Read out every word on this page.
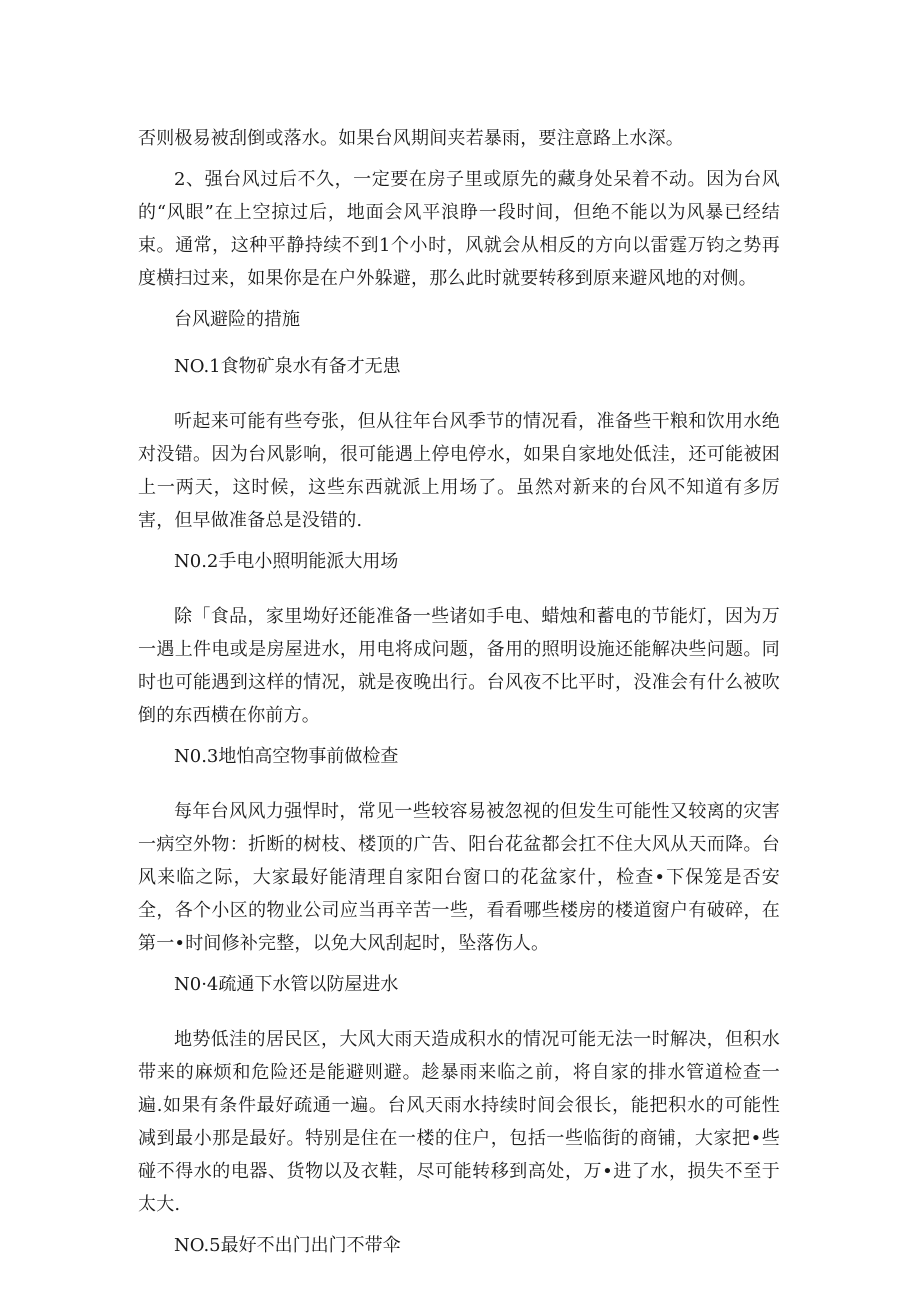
否则极易被刮倒或落水。如果台风期间夹若暴雨，要注意路上水深。

2、强台风过后不久，一定要在房子里或原先的藏身处呆着不动。因为台风的“风眼”在上空掠过后，地面会风平浪睁一段时间，但绝不能以为风暴已经结束。通常，这种平静持续不到1个小时，风就会从相反的方向以雷霆万钧之势再度横扫过来，如果你是在户外躲避，那么此时就要转移到原来避风地的对侧。

台风避险的措施

NO.1食物矿泉水有备才无患

听起来可能有些夸张，但从往年台风季节的情况看，准备些干粮和饮用水绝对没错。因为台风影响，很可能遇上停电停水，如果自家地处低洼，还可能被困上一两天，这时候，这些东西就派上用场了。虽然对新来的台风不知道有多厉害，但早做准备总是没错的.

N0.2手电小照明能派大用场

除「食品，家里坳好还能准备一些诸如手电、蜡烛和蓄电的节能灯，因为万一遇上件电或是房屋进水，用电将成问题，备用的照明设施还能解决些问题。同时也可能遇到这样的情况，就是夜晚出行。台风夜不比平时，没准会有什么被吹倒的东西横在你前方。

N0.3地怕高空物事前做检查

每年台风风力强悍时，常见一些较容易被忽视的但发生可能性又较离的灾害一病空外物：折断的树枝、楼顶的广告、阳台花盆都会扛不住大风从天而降。台风来临之际，大家最好能清理自家阳台窗口的花盆家什，检查•下保笼是否安全，各个小区的物业公司应当再辛苦一些，看看哪些楼房的楼道窗户有破碎，在第一•时间修补完整，以免大风刮起时，坠落伤人。

N0·4疏通下水管以防屋进水

地势低洼的居民区，大风大雨天造成积水的情况可能无法一时解决，但积水带来的麻烦和危险还是能避则避。趁暴雨来临之前，将自家的排水管道检查一遍.如果有条件最好疏通一遍。台风天雨水持续时间会很长，能把积水的可能性减到最小那是最好。特别是住在一楼的住户，包括一些临街的商铺，大家把•些碰不得水的电器、货物以及衣鞋，尽可能转移到高处，万•进了水，损失不至于太大.

NO.5最好不出门出门不带伞
